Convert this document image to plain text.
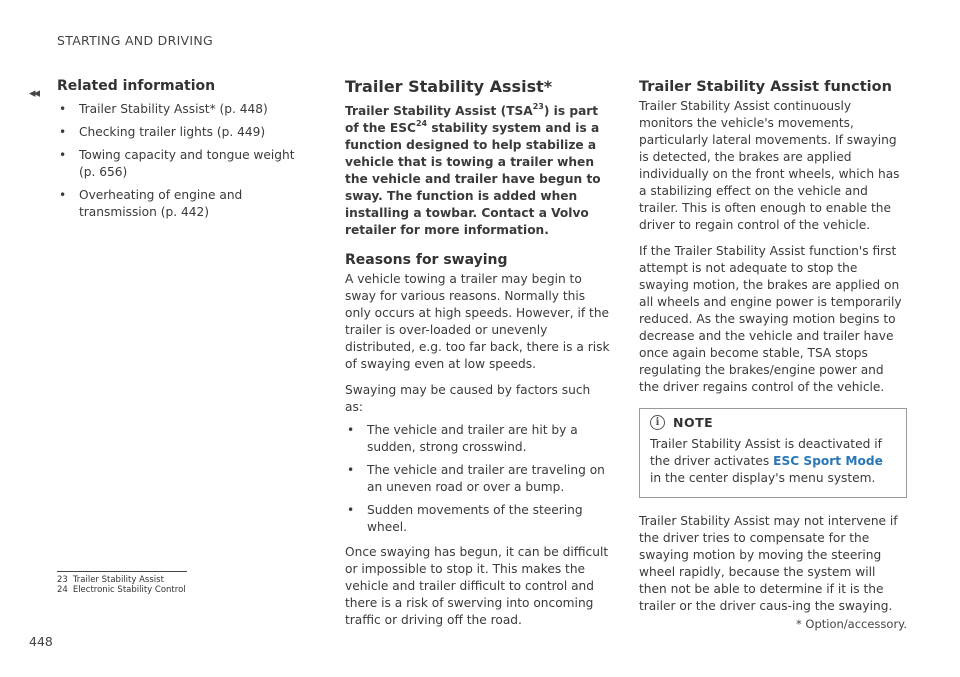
STARTING AND DRIVING
◂◂ Related information
• Trailer Stability Assist* (p. 448)
• Checking trailer lights (p. 449)
• Towing capacity and tongue weight (p. 656)
• Overheating of engine and transmission (p. 442)
Trailer Stability Assist*

Trailer Stability Assist (TSA$^{23}$) is part of the ESC$^{24}$ stability system and is a function designed to help stabilize a vehicle that is towing a trailer when the vehicle and trailer have begun to sway. The function is added when installing a towbar. Contact a Volvo retailer for more information.

Reasons for swaying

A vehicle towing a trailer may begin to sway for various reasons. Normally this only occurs at high speeds. However, if the trailer is over-loaded or unevenly distributed, e.g. too far back, there is a risk of swaying even at low speeds.

Swaying may be caused by factors such as:

• The vehicle and trailer are hit by a sudden, strong crosswind.
• The vehicle and trailer are traveling on an uneven road or over a bump.
• Sudden movements of the steering wheel.

Once swaying has begun, it can be difficult or impossible to stop it. This makes the vehicle and trailer difficult to control and there is a risk of swerving into oncoming traffic or driving off the road.

Trailer Stability Assist function

Trailer Stability Assist continuously monitors the vehicle's movements, particularly lateral movements. If swaying is detected, the brakes are applied individually on the front wheels, which has a stabilizing effect on the vehicle and trailer. This is often enough to enable the driver to regain control of the vehicle.

If the Trailer Stability Assist function's first attempt is not adequate to stop the swaying motion, the brakes are applied on all wheels and engine power is temporarily reduced. As the swaying motion begins to decrease and the vehicle and trailer have once again become stable, TSA stops regulating the brakes/engine power and the driver regains control of the vehicle.

i	NOTE

Trailer Stability Assist is deactivated if the driver activates ESC Sport Mode in the center display's menu system.

Trailer Stability Assist may not intervene if the driver tries to compensate for the swaying motion by moving the steering wheel rapidly, because the system will then not be able to determine if it is the trailer or the driver caus-ing the swaying.

23 Trailer Stability Assist
24 Electronic Stability Control
* Option/accessory.
448
